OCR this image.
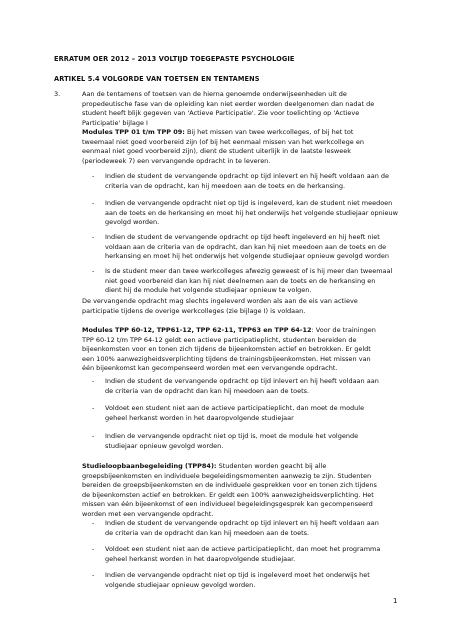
ERRATUM OER 2012 – 2013 VOLTIJD TOEGEPASTE PSYCHOLOGIE
ARTIKEL 5.4 VOLGORDE VAN TOETSEN EN TENTAMENS
3.	Aan de tentamens of toetsen van de hierna genoemde onderwijseenheden uit de
propedeutische fase van de opleiding kan niet eerder worden deelgenomen dan nadat de
student heeft blijk gegeven van 'Actieve Participatie'. Zie voor toelichting op 'Actieve
Participatie' bijlage I
Modules TPP 01 t/m TPP 09: Bij het missen van twee werkcolleges, of bij het tot
tweemaal niet goed voorbereid zijn (of bij het eenmaal missen van het werkcollege en
eenmaal niet goed voorbereid zijn), dient de student uiterlijk in de laatste lesweek
(periodeweek 7) een vervangende opdracht in te leveren.
- Indien de student de vervangende opdracht op tijd inlevert en hij heeft voldaan aan de
criteria van de opdracht, kan hij meedoen aan de toets en de herkansing.
- Indien de vervangende opdracht niet op tijd is ingeleverd, kan de student niet meedoen
aan de toets en de herkansing en moet hij het onderwijs het volgende studiejaar opnieuw
gevolgd worden.
- Indien de student de vervangende opdracht op tijd heeft ingeleverd en hij heeft niet
voldaan aan de criteria van de opdracht, dan kan hij niet meedoen aan de toets en de
herkansing en moet hij het onderwijs het volgende studiejaar opnieuw gevolgd worden
- Is de student meer dan twee werkcolleges afwezig geweest of is hij meer dan tweemaal
niet goed voorbereid dan kan hij niet deelnemen aan de toets en de herkansing en
dient hij de module het volgende studiejaar opnieuw te volgen.
De vervangende opdracht mag slechts ingeleverd worden als aan de eis van actieve
participatie tijdens de overige werkcolleges (zie bijlage I) is voldaan.
Modules TPP 60-12, TPP61-12, TPP 62-11, TPP63 en TPP 64-12: Voor de trainingen
TPP 60-12 t/m TPP 64-12 geldt een actieve participatieplicht, studenten bereiden de
bijeenkomsten voor en tonen zich tijdens de bijeenkomsten actief en betrokken. Er geldt
een 100% aanwezigheidsverplichting tijdens de trainingsbijeenkomsten. Het missen van
één bijeenkomst kan gecompenseerd worden met een vervangende opdracht.
- Indien de student de vervangende opdracht op tijd inlevert en hij heeft voldaan aan
de criteria van de opdracht dan kan hij meedoen aan de toets.
- Voldoet een student niet aan de actieve participatieplicht, dan moet de module
geheel herkanst worden in het daaropvolgende studiejaar
- Indien de vervangende opdracht niet op tijd is, moet de module het volgende
studiejaar opnieuw gevolgd worden.
Studieloopbaanbegeleiding (TPP84): Studenten worden geacht bij alle
groepsbijeenkomsten en individuele begeleidingsmomenten aanwezig te zijn. Studenten
bereiden de groepsbijeenkomsten en de individuele gesprekken voor en tonen zich tijdens
de bijeenkomsten actief en betrokken. Er geldt een 100% aanwezigheidsverplichting. Het
missen van één bijeenkomst of een individueel begeleidingsgesprek kan gecompenseerd
worden met een vervangende opdracht.
- Indien de student de vervangende opdracht op tijd inlevert en hij heeft voldaan aan
de criteria van de opdracht dan kan hij meedoen aan de toets.
- Voldoet een student niet aan de actieve participatieplicht, dan moet het programma
geheel herkanst worden in het daaropvolgende studiejaar.
- Indien de vervangende opdracht niet op tijd is ingeleverd moet het onderwijs het
volgende studiejaar opnieuw gevolgd worden.
1
